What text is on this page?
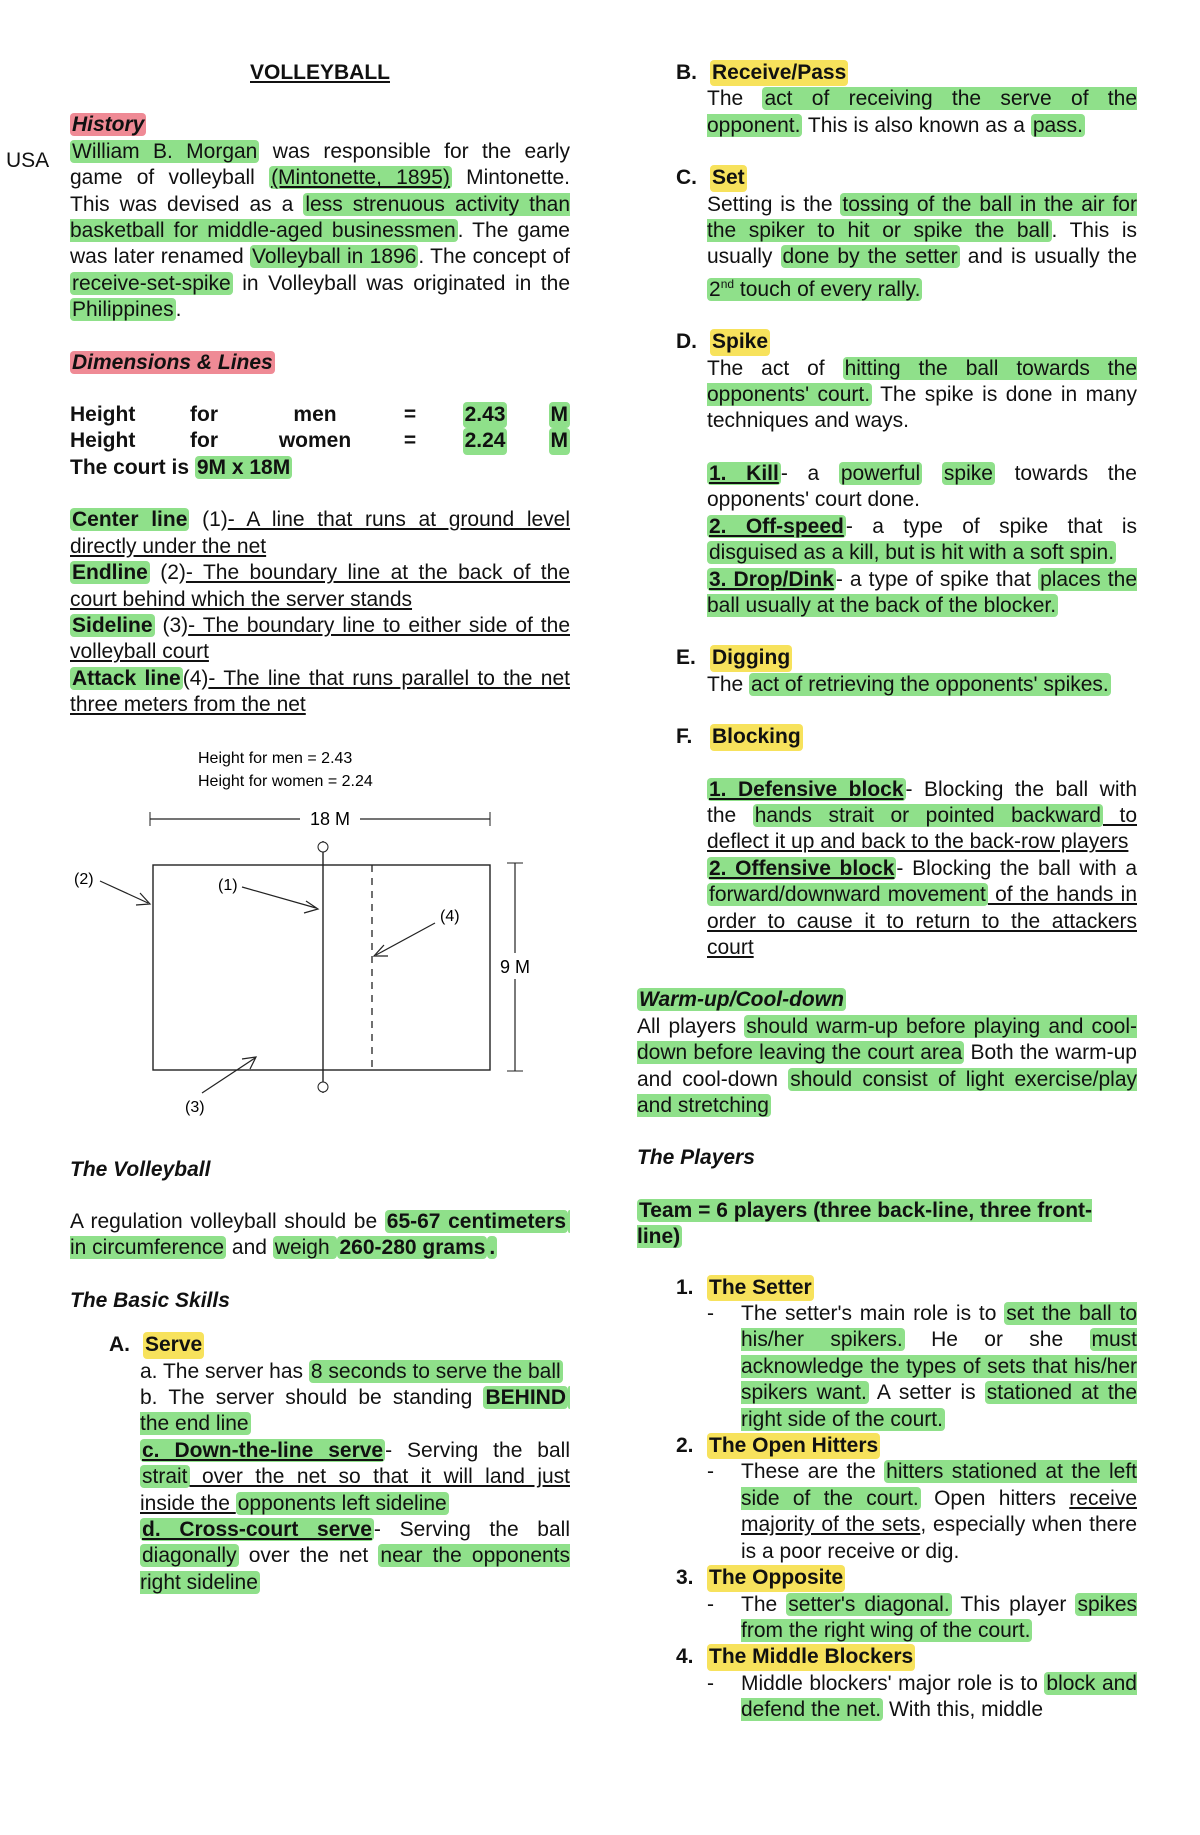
USA

VOLLEYBALL

History

William B. Morgan was responsible for the early game of volleyball (Mintonette, 1895) Mintonette. This was devised as a less strenuous activity than basketball for middle-aged businessmen. The game was later renamed Volleyball in 1896. The concept of receive-set-spike in Volleyball was originated in the Philippines.

Dimensions & Lines

Height	for	men	=	2.43	M
Height	for	women	=	2.24	M

The court is 9M x 18M

Center line (1)- A line that runs at ground level directly under the net

Endline (2)- The boundary line at the back of the court behind which the server stands

Sideline (3)- The boundary line to either side of the volleyball court

Attack line(4)- The line that runs parallel to the net three meters from the net

Height for men = 2.43
Height for women = 2.24
18 M
9 M
(2)	(1)
(4)
(3)

The Volleyball

A regulation volleyball should be 65-67 centimeters in circumference and weigh 260-280 grams .

The Basic Skills

A. Serve

a. The server has 8 seconds to serve the ball

b. The server should be standing BEHIND the end line

c. Down-the-line serve- Serving the ball strait over the net so that it will land just inside the opponents left sideline

d. Cross-court serve- Serving the ball diagonally over the net near the opponents right sideline

B. Receive/Pass

The act of receiving the serve of the opponent. This is also known as a pass.

C. Set

Setting is the tossing of the ball in the air for the spiker to hit or spike the ball. This is usually done by the setter and is usually the 2nd touch of every rally.

D. Spike

The act of hitting the ball towards the opponents' court. The spike is done in many techniques and ways.

1. Kill- a powerful spike towards the opponents' court done.

2. Off-speed- a type of spike that is disguised as a kill, but is hit with a soft spin.

3. Drop/Dink- a type of spike that places the ball usually at the back of the blocker.

E. Digging

The act of retrieving the opponents' spikes.

F. Blocking

1. Defensive block- Blocking the ball with the hands strait or pointed backward to deflect it up and back to the back-row players

2. Offensive block- Blocking the ball with a forward/downward movement of the hands in order to cause it to return to the attackers court

Warm-up/Cool-down

All players should warm-up before playing and cool-down before leaving the court area Both the warm-up and cool-down should consist of light exercise/play and stretching

The Players

Team = 6 players (three back-line, three front-line)

1. The Setter
-	The setter's main role is to set the ball to his/her spikers. He or she must acknowledge the types of sets that his/her spikers want. A setter is stationed at the right side of the court.
2. The Open Hitters
-	These are the hitters stationed at the left side of the court. Open hitters receive majority of the sets, especially when there is a poor receive or dig.
3. The Opposite
-	The setter's diagonal. This player spikes from the right wing of the court.
4. The Middle Blockers
-	Middle blockers' major role is to block and defend the net. With this, middle
